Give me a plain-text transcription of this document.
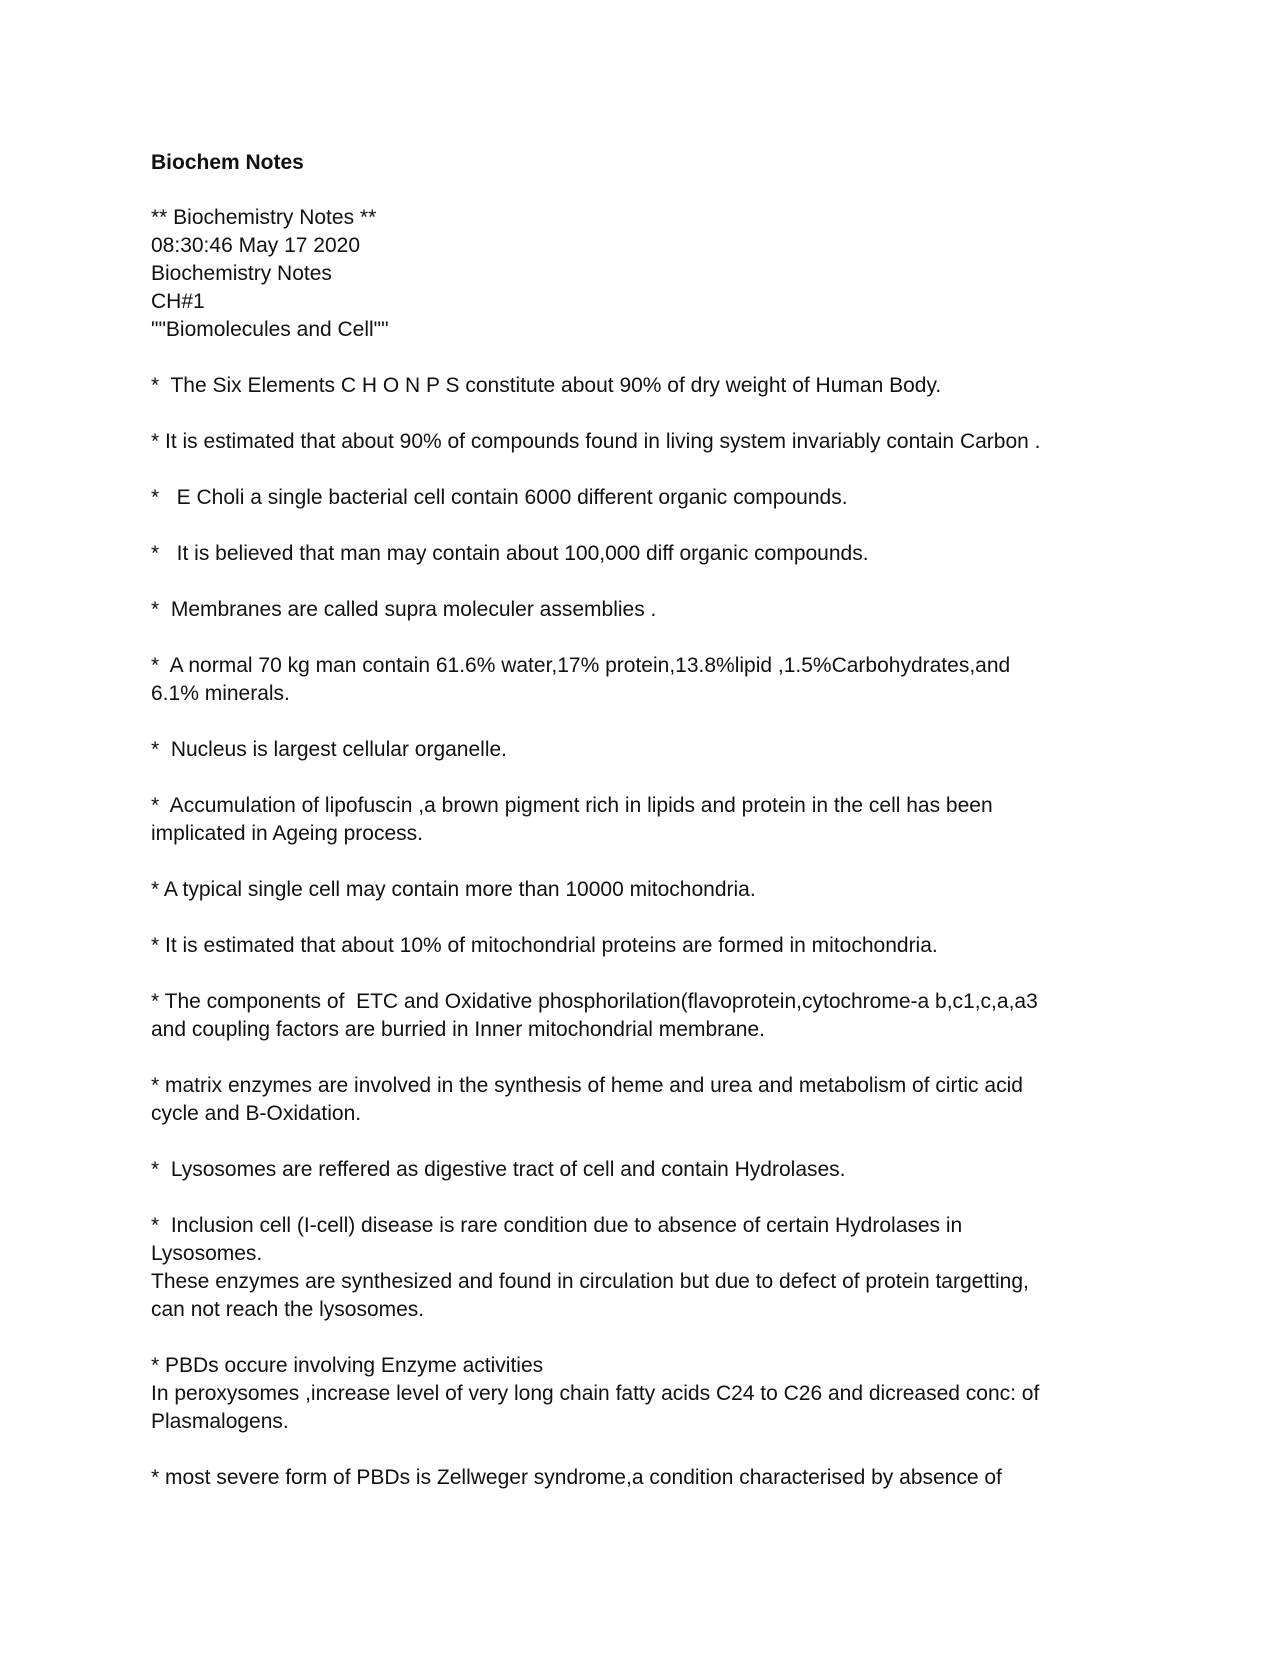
Biochem Notes
** Biochemistry Notes **
08:30:46 May 17 2020
Biochemistry Notes
CH#1
""Biomolecules and Cell""

*  The Six Elements C H O N P S constitute about 90% of dry weight of Human Body.

* It is estimated that about 90% of compounds found in living system invariably contain Carbon .

*   E Choli a single bacterial cell contain 6000 different organic compounds.

*   It is believed that man may contain about 100,000 diff organic compounds.

*  Membranes are called supra moleculer assemblies .

*  A normal 70 kg man contain 61.6% water,17% protein,13.8%lipid ,1.5%Carbohydrates,and
6.1% minerals.

*  Nucleus is largest cellular organelle.

*  Accumulation of lipofuscin ,a brown pigment rich in lipids and protein in the cell has been
implicated in Ageing process.

* A typical single cell may contain more than 10000 mitochondria.

* It is estimated that about 10% of mitochondrial proteins are formed in mitochondria.

* The components of  ETC and Oxidative phosphorilation(flavoprotein,cytochrome-a b,c1,c,a,a3
and coupling factors are burried in Inner mitochondrial membrane.

* matrix enzymes are involved in the synthesis of heme and urea and metabolism of cirtic acid
cycle and B-Oxidation.

*  Lysosomes are reffered as digestive tract of cell and contain Hydrolases.

*  Inclusion cell (I-cell) disease is rare condition due to absence of certain Hydrolases in
Lysosomes.
These enzymes are synthesized and found in circulation but due to defect of protein targetting,
can not reach the lysosomes.

* PBDs occure involving Enzyme activities
In peroxysomes ,increase level of very long chain fatty acids C24 to C26 and dicreased conc: of
Plasmalogens.

* most severe form of PBDs is Zellweger syndrome,a condition characterised by absence of
